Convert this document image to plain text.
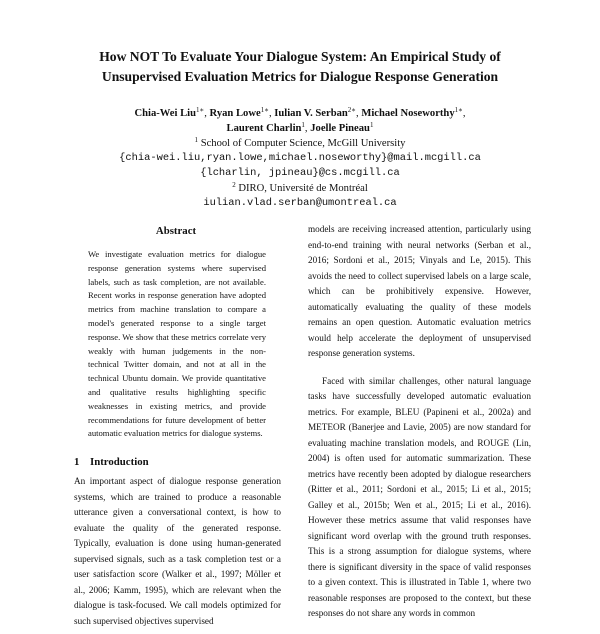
How NOT To Evaluate Your Dialogue System: An Empirical Study of
Unsupervised Evaluation Metrics for Dialogue Response Generation
Chia-Wei Liu$^{1∗}$, Ryan Lowe$^{1∗}$, Iulian V. Serban$^{2∗}$, Michael Noseworthy$^{1∗}$,
Laurent Charlin$^1$, Joelle Pineau$^1$
$^1$ School of Computer Science, McGill University
{chia-wei.liu,ryan.lowe,michael.noseworthy}@mail.mcgill.ca
{lcharlin, jpineau}@cs.mcgill.ca
$^2$ DIRO, Université de Montréal
iulian.vlad.serban@umontreal.ca
Abstract

We investigate evaluation metrics for dialogue response generation systems where supervised labels, such as task completion, are not available. Recent works in response generation have adopted metrics from machine translation to compare a model's generated response to a single target response. We show that these metrics correlate very weakly with human judgements in the non-technical Twitter domain, and not at all in the technical Ubuntu domain. We provide quantitative and qualitative results highlighting specific weaknesses in existing metrics, and provide recommendations for future development of better automatic evaluation metrics for dialogue systems.

1 Introduction

An important aspect of dialogue response generation systems, which are trained to produce a reasonable utterance given a conversational context, is how to evaluate the quality of the generated response. Typically, evaluation is done using human-generated supervised signals, such as a task completion test or a user satisfaction score (Walker et al., 1997; Möller et al., 2006; Kamm, 1995), which are relevant when the dialogue is task-focused. We call models optimized for such supervised objectives supervised

models are receiving increased attention, particularly using end-to-end training with neural networks (Serban et al., 2016; Sordoni et al., 2015; Vinyals and Le, 2015). This avoids the need to collect supervised labels on a large scale, which can be prohibitively expensive. However, automatically evaluating the quality of these models remains an open question. Automatic evaluation metrics would help accelerate the deployment of unsupervised response generation systems.

Faced with similar challenges, other natural language tasks have successfully developed automatic evaluation metrics. For example, BLEU (Papineni et al., 2002a) and METEOR (Banerjee and Lavie, 2005) are now standard for evaluating machine translation models, and ROUGE (Lin, 2004) is often used for automatic summarization. These metrics have recently been adopted by dialogue researchers (Ritter et al., 2011; Sordoni et al., 2015; Li et al., 2015; Galley et al., 2015b; Wen et al., 2015; Li et al., 2016). However these metrics assume that valid responses have significant word overlap with the ground truth responses. This is a strong assumption for dialogue systems, where there is significant diversity in the space of valid responses to a given context. This is illustrated in Table 1, where two reasonable responses are proposed to the context, but these responses do not share any words in common
